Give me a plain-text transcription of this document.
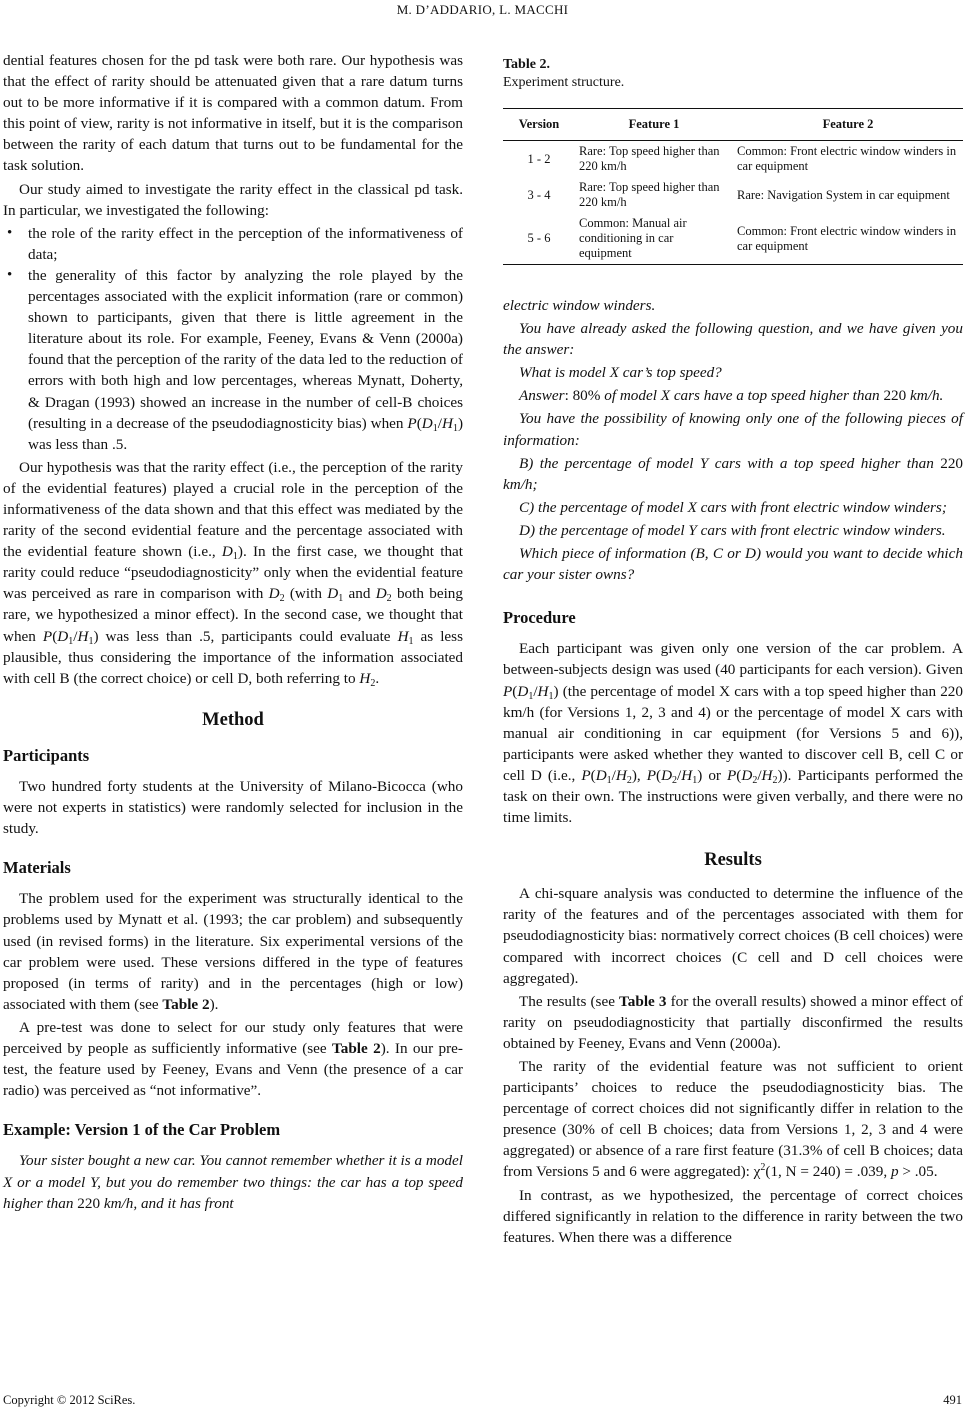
M. D’ADDARIO, L. MACCHI

dential features chosen for the pd task were both rare. Our hypothesis was that the effect of rarity should be attenuated given that a rare datum turns out to be more informative if it is compared with a common datum. From this point of view, rarity is not informative in itself, but it is the comparison between the rarity of each datum that turns out to be fundamental for the task solution.

Our study aimed to investigate the rarity effect in the classical pd task. In particular, we investigated the following:

• the role of the rarity effect in the perception of the informativeness of data;
• the generality of this factor by analyzing the role played by the percentages associated with the explicit information (rare or common) shown to participants, given that there is little agreement in the literature about its role. For example, Feeney, Evans & Venn (2000a) found that the perception of the rarity of the data led to the reduction of errors with both high and low percentages, whereas Mynatt, Doherty, & Dragan (1993) showed an increase in the number of cell-B choices (resulting in a decrease of the pseudodiagnosticity bias) when $P(D_1/H_1)$ was less than .5.

Our hypothesis was that the rarity effect (i.e., the perception of the rarity of the evidential features) played a crucial role in the perception of the informativeness of the data shown and that this effect was mediated by the rarity of the second evidential feature and the percentage associated with the evidential feature shown (i.e., $D_1$). In the first case, we thought that rarity could reduce “pseudodiagnosticity” only when the evidential feature was perceived as rare in comparison with $D_2$ (with $D_1$ and $D_2$ both being rare, we hypothesized a minor effect). In the second case, we thought that when $P(D_1/H_1)$ was less than .5, participants could evaluate $H_1$ as less plausible, thus considering the importance of the information associated with cell B (the correct choice) or cell D, both referring to $H_2$.

Method
Participants

Two hundred forty students at the University of Milano-Bicocca (who were not experts in statistics) were randomly selected for inclusion in the study.

Materials

The problem used for the experiment was structurally identical to the problems used by Mynatt et al. (1993; the car problem) and subsequently used (in revised forms) in the literature. Six experimental versions of the car problem were used. These versions differed in the type of features proposed (in terms of rarity) and in the percentages (high or low) associated with them (see Table 2).

A pre-test was done to select for our study only features that were perceived by people as sufficiently informative (see Table 2). In our pre-test, the feature used by Feeney, Evans and Venn (the presence of a car radio) was perceived as “not informative”.

Example: Version 1 of the Car Problem

Your sister bought a new car. You cannot remember whether it is a model X or a model Y, but you do remember two things: the car has a top speed higher than 220 km/h, and it has front

Table 2.
Experiment structure.
Version	Feature 1	Feature 2
1 - 2	Rare: Top speed higher than 220 km/h	Common: Front electric window winders in car equipment
3 - 4	Rare: Top speed higher than 220 km/h	Rare: Navigation System in car equipment
5 - 6	Common: Manual air conditioning in car equipment	Common: Front electric window winders in car equipment

electric window winders.

You have already asked the following question, and we have given you the answer:

What is model X car’s top speed?

Answer: 80% of model X cars have a top speed higher than 220 km/h.

You have the possibility of knowing only one of the following pieces of information:

B) the percentage of model Y cars with a top speed higher than 220 km/h;

C) the percentage of model X cars with front electric window winders;

D) the percentage of model Y cars with front electric window winders.

Which piece of information (B, C or D) would you want to decide which car your sister owns?

Procedure

Each participant was given only one version of the car problem. A between-subjects design was used (40 participants for each version). Given $P(D_1/H_1)$ (the percentage of model X cars with a top speed higher than 220 km/h (for Versions 1, 2, 3 and 4) or the percentage of model X cars with manual air conditioning in car equipment (for Versions 5 and 6)), participants were asked whether they wanted to discover cell B, cell C or cell D (i.e., $P(D_1/H_2)$, $P(D_2/H_1)$ or $P(D_2/H_2)$). Participants performed the task on their own. The instructions were given verbally, and there were no time limits.

Results

A chi-square analysis was conducted to determine the influence of the rarity of the features and of the percentages associated with them for pseudodiagnosticity bias: normatively correct choices (B cell choices) were compared with incorrect choices (C cell and D cell choices were aggregated).

The results (see Table 3 for the overall results) showed a minor effect of rarity on pseudodiagnosticity that partially disconfirmed the results obtained by Feeney, Evans and Venn (2000a).

The rarity of the evidential feature was not sufficient to orient participants’ choices to reduce the pseudodiagnosticity bias. The percentage of correct choices did not significantly differ in relation to the presence (30% of cell B choices; data from Versions 1, 2, 3 and 4 were aggregated) or absence of a rare first feature (31.3% of cell B choices; data from Versions 5 and 6 were aggregated): $\chi^2(1$, N = 240) = .039, p > .05.

In contrast, as we hypothesized, the percentage of correct choices differed significantly in relation to the difference in rarity between the two features. When there was a difference

Copyright © 2012 SciRes.	491
